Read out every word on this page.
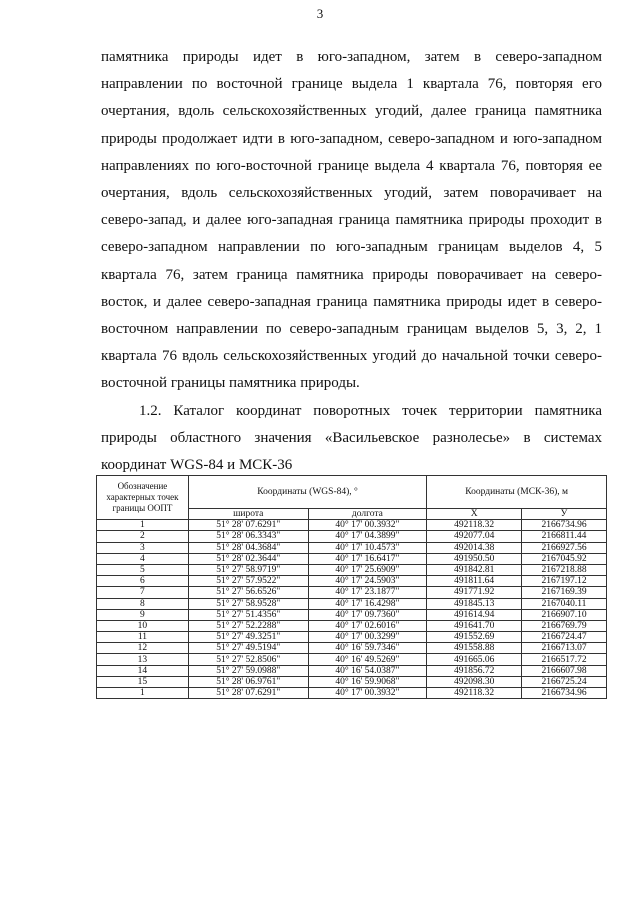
3

памятника природы идет в юго-западном, затем в северо-западном направлении по восточной границе выдела 1 квартала 76, повторяя его очертания, вдоль сельскохозяйственных угодий, далее граница памятника природы продолжает идти в юго-западном, северо-западном и юго-западном направлениях по юго-восточной границе выдела 4 квартала 76, повторяя ее очертания, вдоль сельскохозяйственных угодий, затем поворачивает на северо-запад, и далее юго-западная граница памятника природы проходит в северо-западном направлении по юго-западным границам выделов 4, 5 квартала 76, затем граница памятника природы поворачивает на северо-восток, и далее северо-западная граница памятника природы идет в северо-восточном направлении по северо-западным границам выделов 5, 3, 2, 1 квартала 76 вдоль сельскохозяйственных угодий до начальной точки северо-восточной границы памятника природы.

1.2. Каталог координат поворотных точек территории памятника природы областного значения «Васильевское разнолесье» в системах координат WGS-84 и МСК-36

Обозначение характерных точек границы ООПТ	Координаты (WGS-84), °		Координаты (МСК-36), м	
	широта	долгота	X	У
1	51° 28' 07.6291"	40° 17' 00.3932"	492118.32	2166734.96
2	51° 28' 06.3343"	40° 17' 04.3899"	492077.04	2166811.44
3	51° 28' 04.3684"	40° 17' 10.4573"	492014.38	2166927.56
4	51° 28' 02.3644"	40° 17' 16.6417"	491950.50	2167045.92
5	51° 27' 58.9719"	40° 17' 25.6909"	491842.81	2167218.88
6	51° 27' 57.9522"	40° 17' 24.5903"	491811.64	2167197.12
7	51° 27' 56.6526"	40° 17' 23.1877"	491771.92	2167169.39
8	51° 27' 58.9528"	40° 17' 16.4298"	491845.13	2167040.11
9	51° 27' 51.4356"	40° 17' 09.7360"	491614.94	2166907.10
10	51° 27' 52.2288"	40° 17' 02.6016"	491641.70	2166769.79
11	51° 27' 49.3251"	40° 17' 00.3299"	491552.69	2166724.47
12	51° 27' 49.5194"	40° 16' 59.7346"	491558.88	2166713.07
13	51° 27' 52.8506"	40° 16' 49.5269"	491665.06	2166517.72
14	51° 27' 59.0988"	40° 16' 54.0387"	491856.72	2166607.98
15	51° 28' 06.9761"	40° 16' 59.9068"	492098.30	2166725.24
1	51° 28' 07.6291"	40° 17' 00.3932"	492118.32	2166734.96
